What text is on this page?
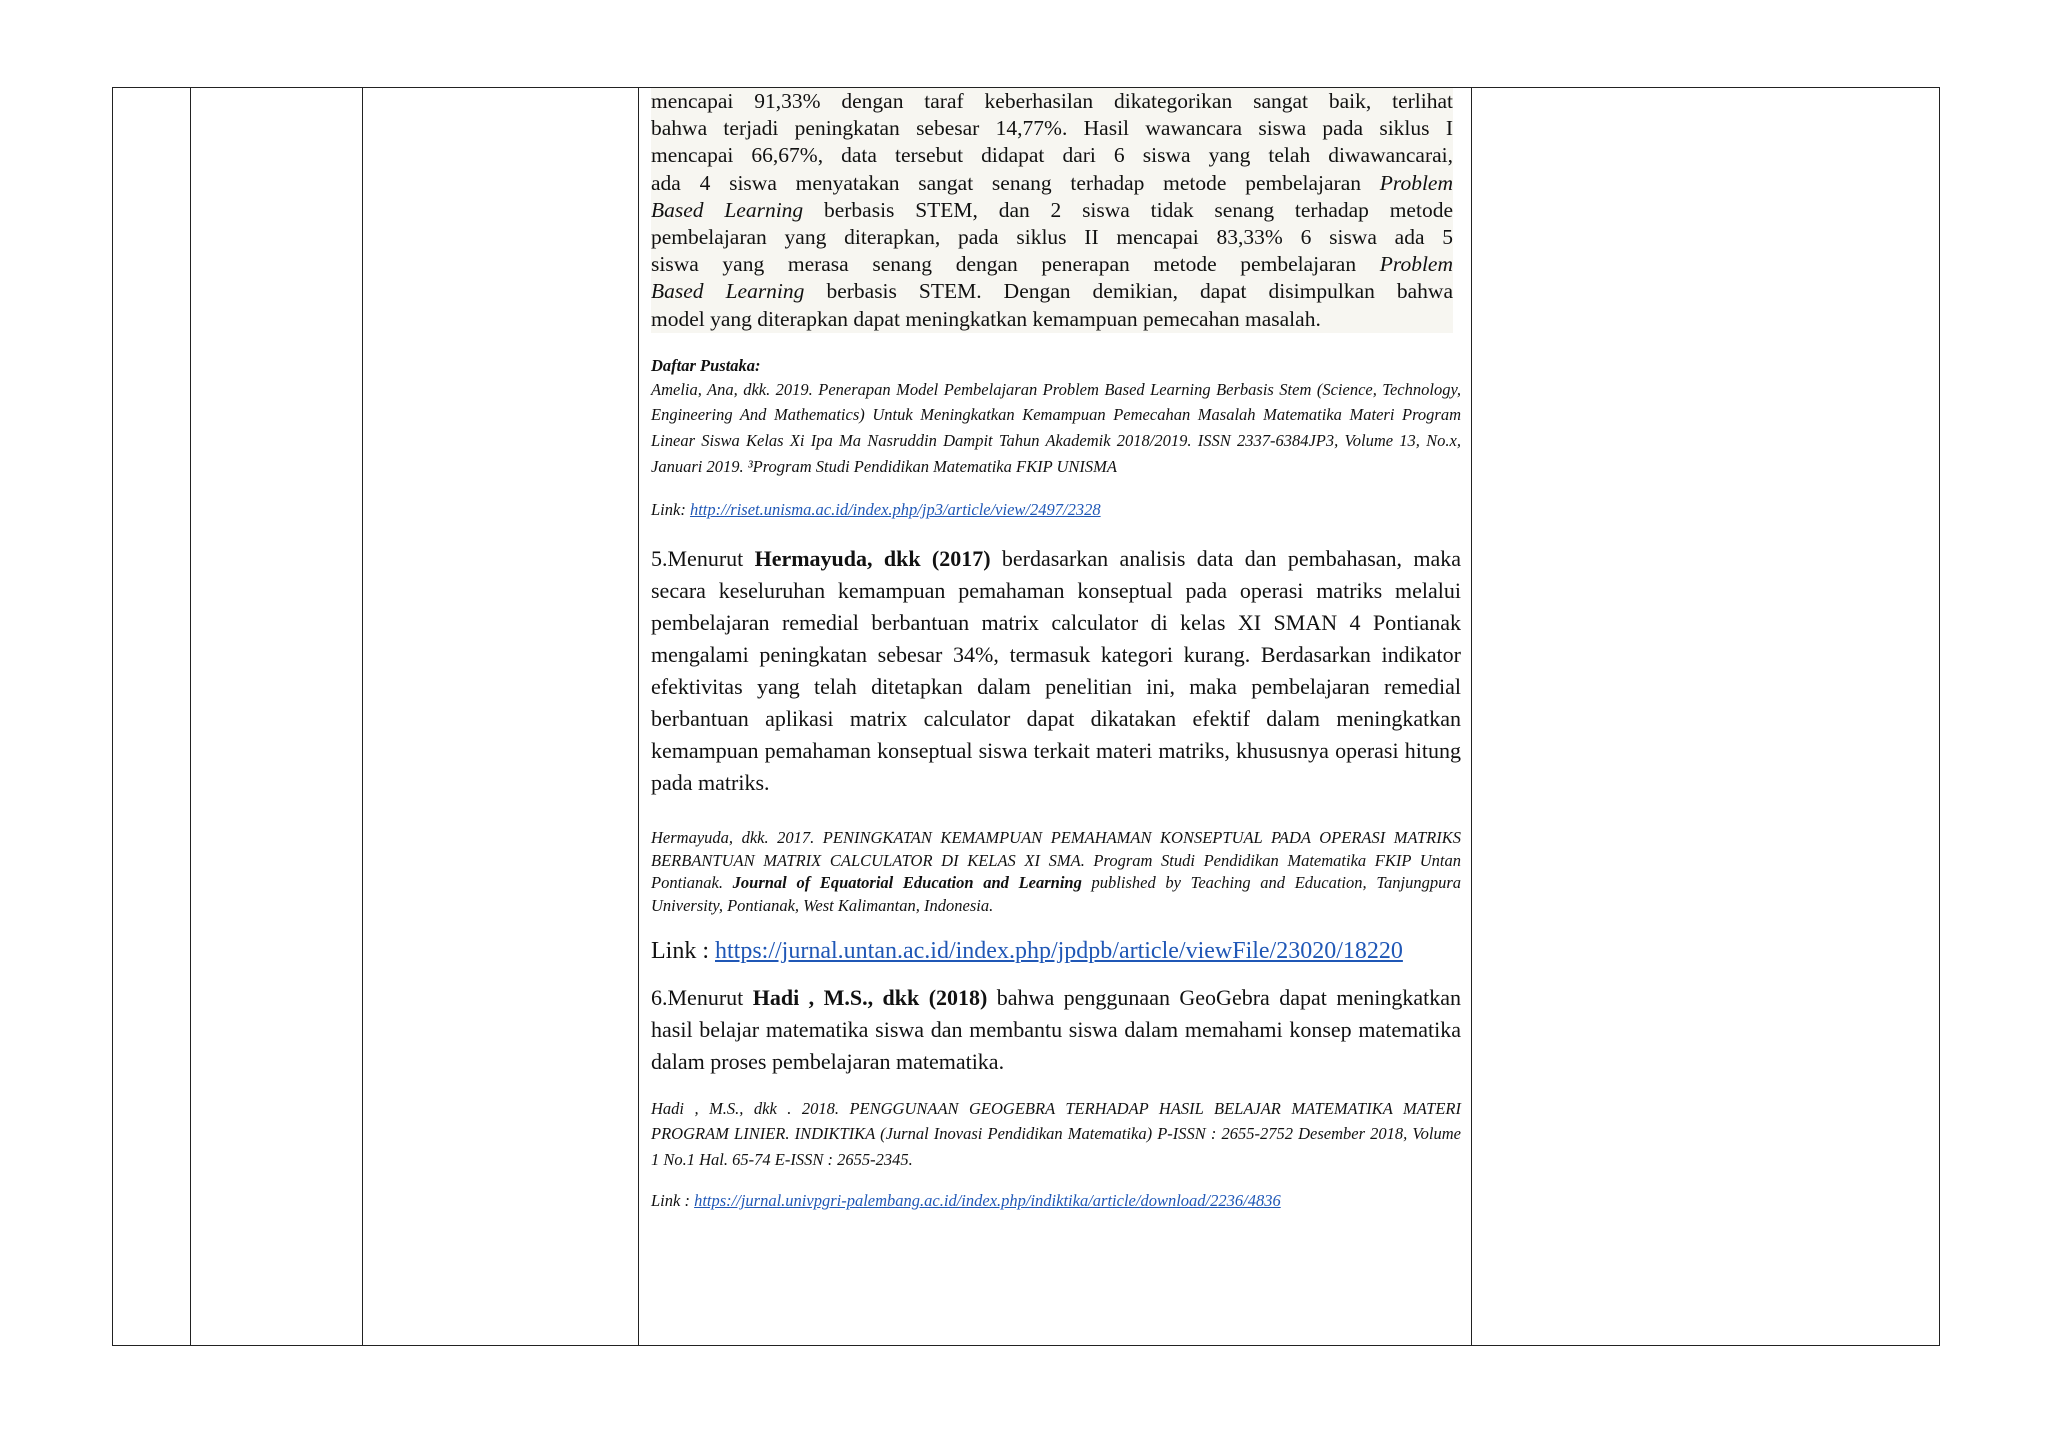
mencapai 91,33% dengan taraf keberhasilan dikategorikan sangat baik, terlihat
bahwa terjadi peningkatan sebesar 14,77%. Hasil wawancara siswa pada siklus I
mencapai 66,67%, data tersebut didapat dari 6 siswa yang telah diwawancarai,
ada 4 siswa menyatakan sangat senang terhadap metode pembelajaran Problem
Based Learning berbasis STEM, dan 2 siswa tidak senang terhadap metode
pembelajaran yang diterapkan, pada siklus II mencapai 83,33% 6 siswa ada 5
siswa yang merasa senang dengan penerapan metode pembelajaran Problem
Based Learning berbasis STEM. Dengan demikian, dapat disimpulkan bahwa
model yang diterapkan dapat meningkatkan kemampuan pemecahan masalah.

Daftar Pustaka:

Amelia, Ana, dkk. 2019. Penerapan Model Pembelajaran Problem Based Learning Berbasis Stem (Science, Technology, Engineering And Mathematics) Untuk Meningkatkan Kemampuan Pemecahan Masalah Matematika Materi Program Linear Siswa Kelas Xi Ipa Ma Nasruddin Dampit Tahun Akademik 2018/2019. ISSN 2337-6384JP3, Volume 13, No.x, Januari 2019. ³Program Studi Pendidikan Matematika FKIP UNISMA

Link: http://riset.unisma.ac.id/index.php/jp3/article/view/2497/2328

5.Menurut Hermayuda, dkk (2017) berdasarkan analisis data dan pembahasan, maka secara keseluruhan kemampuan pemahaman konseptual pada operasi matriks melalui pembelajaran remedial berbantuan matrix calculator di kelas XI SMAN 4 Pontianak mengalami peningkatan sebesar 34%, termasuk kategori kurang. Berdasarkan indikator efektivitas yang telah ditetapkan dalam penelitian ini, maka pembelajaran remedial berbantuan aplikasi matrix calculator dapat dikatakan efektif dalam meningkatkan kemampuan pemahaman konseptual siswa terkait materi matriks, khususnya operasi hitung pada matriks.

Hermayuda, dkk. 2017. PENINGKATAN KEMAMPUAN PEMAHAMAN KONSEPTUAL PADA OPERASI MATRIKS BERBANTUAN MATRIX CALCULATOR DI KELAS XI SMA. Program Studi Pendidikan Matematika FKIP Untan Pontianak. Journal of Equatorial Education and Learning published by Teaching and Education, Tanjungpura University, Pontianak, West Kalimantan, Indonesia.

Link : https://jurnal.untan.ac.id/index.php/jpdpb/article/viewFile/23020/18220

6.Menurut Hadi , M.S., dkk (2018) bahwa penggunaan GeoGebra dapat meningkatkan hasil belajar matematika siswa dan membantu siswa dalam memahami konsep matematika dalam proses pembelajaran matematika.

Hadi , M.S., dkk . 2018. PENGGUNAAN GEOGEBRA TERHADAP HASIL BELAJAR MATEMATIKA MATERI PROGRAM LINIER. INDIKTIKA (Jurnal Inovasi Pendidikan Matematika) P-ISSN : 2655-2752 Desember 2018, Volume 1 No.1 Hal. 65-74 E-ISSN : 2655-2345.

Link : https://jurnal.univpgri-palembang.ac.id/index.php/indiktika/article/download/2236/4836
